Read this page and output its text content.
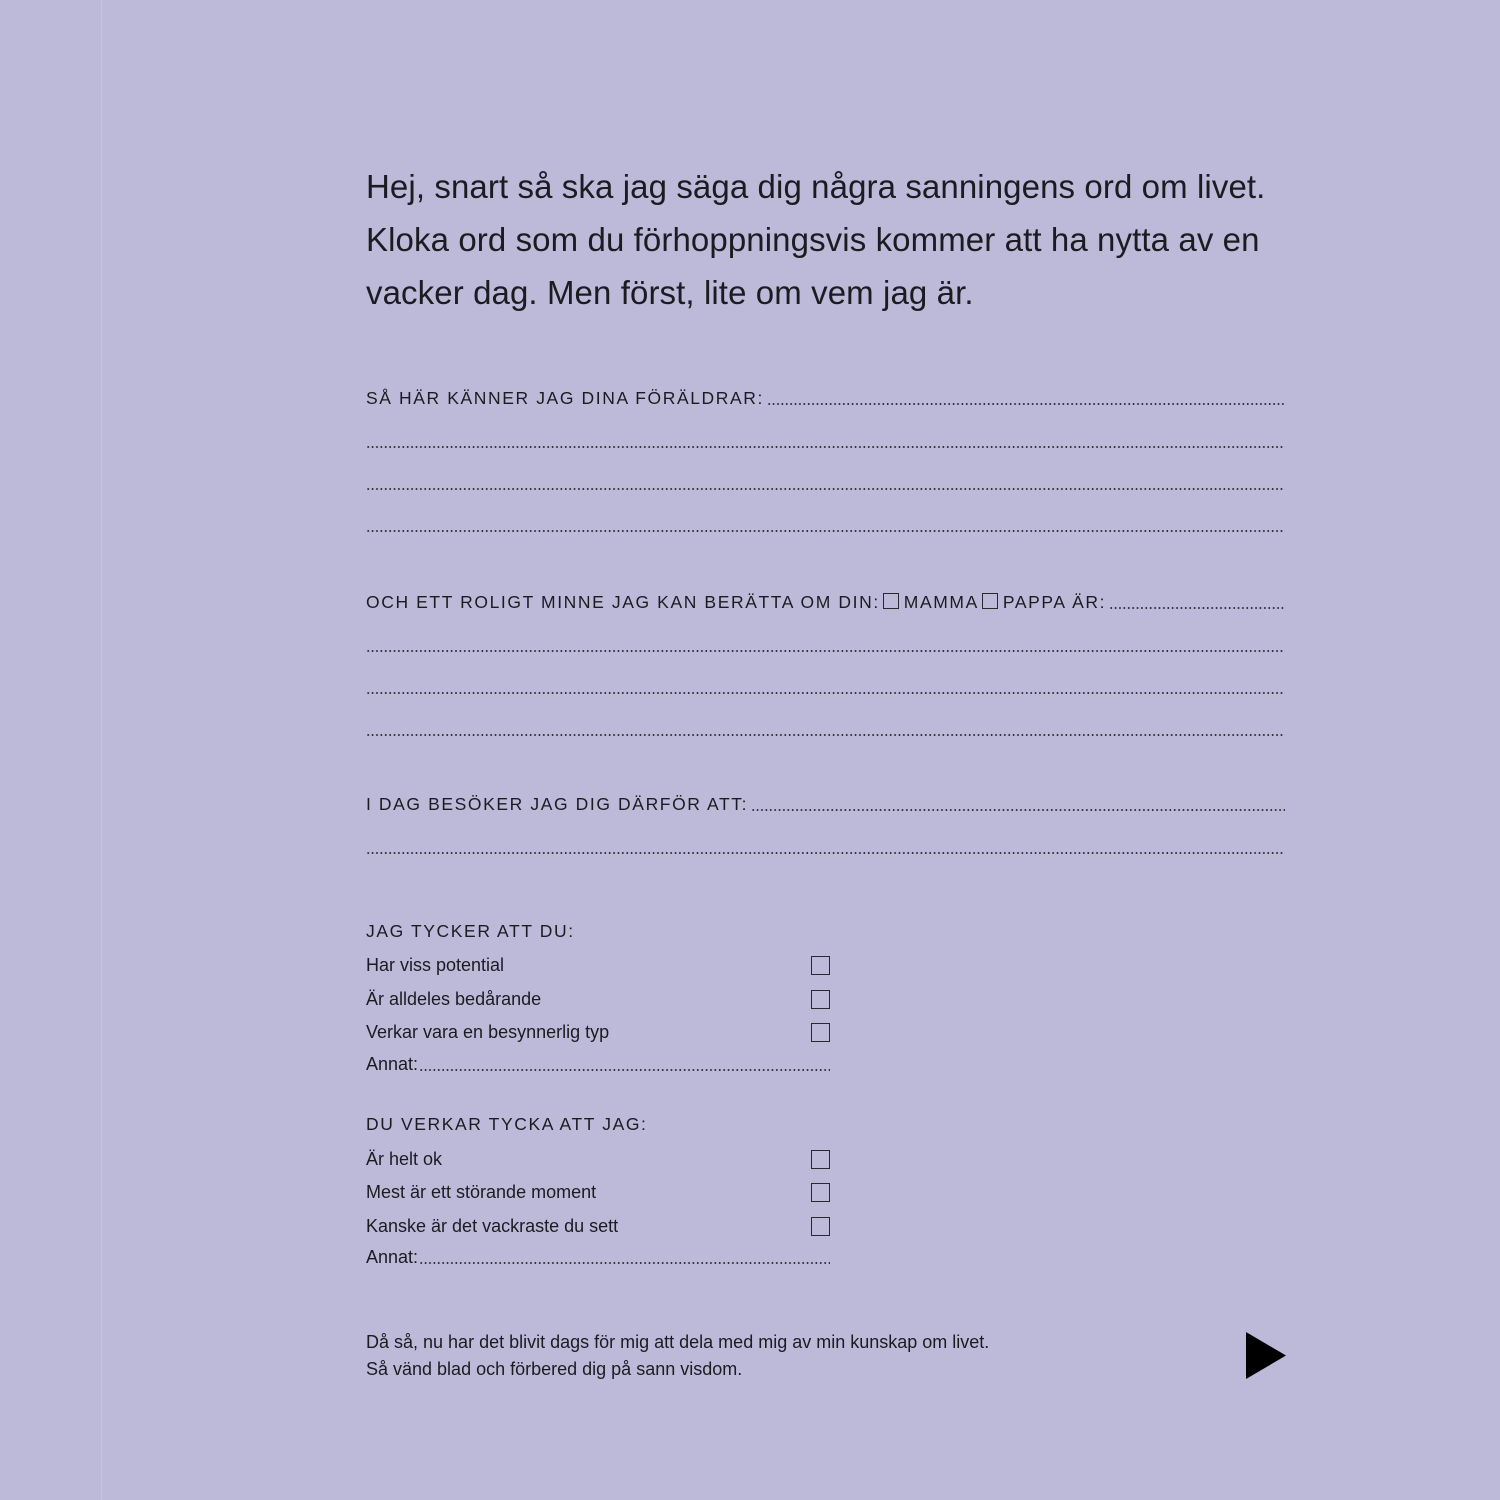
Hej, snart så ska jag säga dig några sanningens ord om livet. Kloka ord som du förhoppningsvis kommer att ha nytta av en vacker dag. Men först, lite om vem jag är.

SÅ HÄR KÄNNER JAG DINA FÖRÄLDRAR:
OCH ETT ROLIGT MINNE JAG KAN BERÄTTA OM DIN: MAMMA PAPPA ÄR:
I DAG BESÖKER JAG DIG DÄRFÖR ATT:
JAG TYCKER ATT DU:
Har viss potential
Är alldeles bedårande
Verkar vara en besynnerlig typ
Annat:
DU VERKAR TYCKA ATT JAG:
Är helt ok
Mest är ett störande moment
Kanske är det vackraste du sett
Annat:
Då så, nu har det blivit dags för mig att dela med mig av min kunskap om livet.
Så vänd blad och förbered dig på sann visdom.
